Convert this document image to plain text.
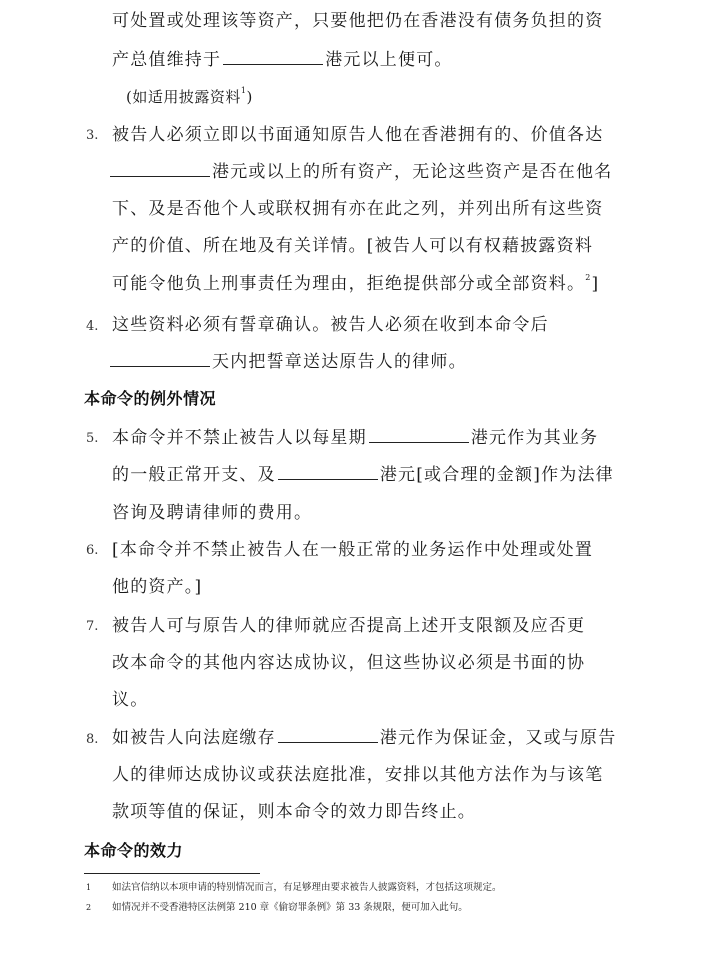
可处置或处理该等资产，只要他把仍在香港没有债务负担的资
产总值维持于	港元以上便可。
(如适用披露资料$^1$)
3. 被告人必须立即以书面通知原告人他在香港拥有的、价值各达
港元或以上的所有资产，无论这些资产是否在他名
下、及是否他个人或联权拥有亦在此之列，并列出所有这些资
产的价值、所在地及有关详情。[被告人可以有权藉披露资料
可能令他负上刑事责任为理由，拒绝提供部分或全部资料。$^2$]
4. 这些资料必须有誓章确认。被告人必须在收到本命令后
天内把誓章送达原告人的律师。
本命令的例外情况
5. 本命令并不禁止被告人以每星期	港元作为其业务
的一般正常开支、及	港元[或合理的金额]作为法律
咨询及聘请律师的费用。
6. [本命令并不禁止被告人在一般正常的业务运作中处理或处置
他的资产。]
7. 被告人可与原告人的律师就应否提高上述开支限额及应否更
改本命令的其他内容达成协议，但这些协议必须是书面的协
议。
8. 如被告人向法庭缴存	港元作为保证金，又或与原告
人的律师达成协议或获法庭批准，安排以其他方法作为与该笔
款项等值的保证，则本命令的效力即告终止。
本命令的效力
1 如法官信纳以本项申请的特别情况而言，有足够理由要求被告人披露资料，才包括这项规定。
2 如情况并不受香港特区法例第 210 章《偷窃罪条例》第 33 条规限，便可加入此句。
